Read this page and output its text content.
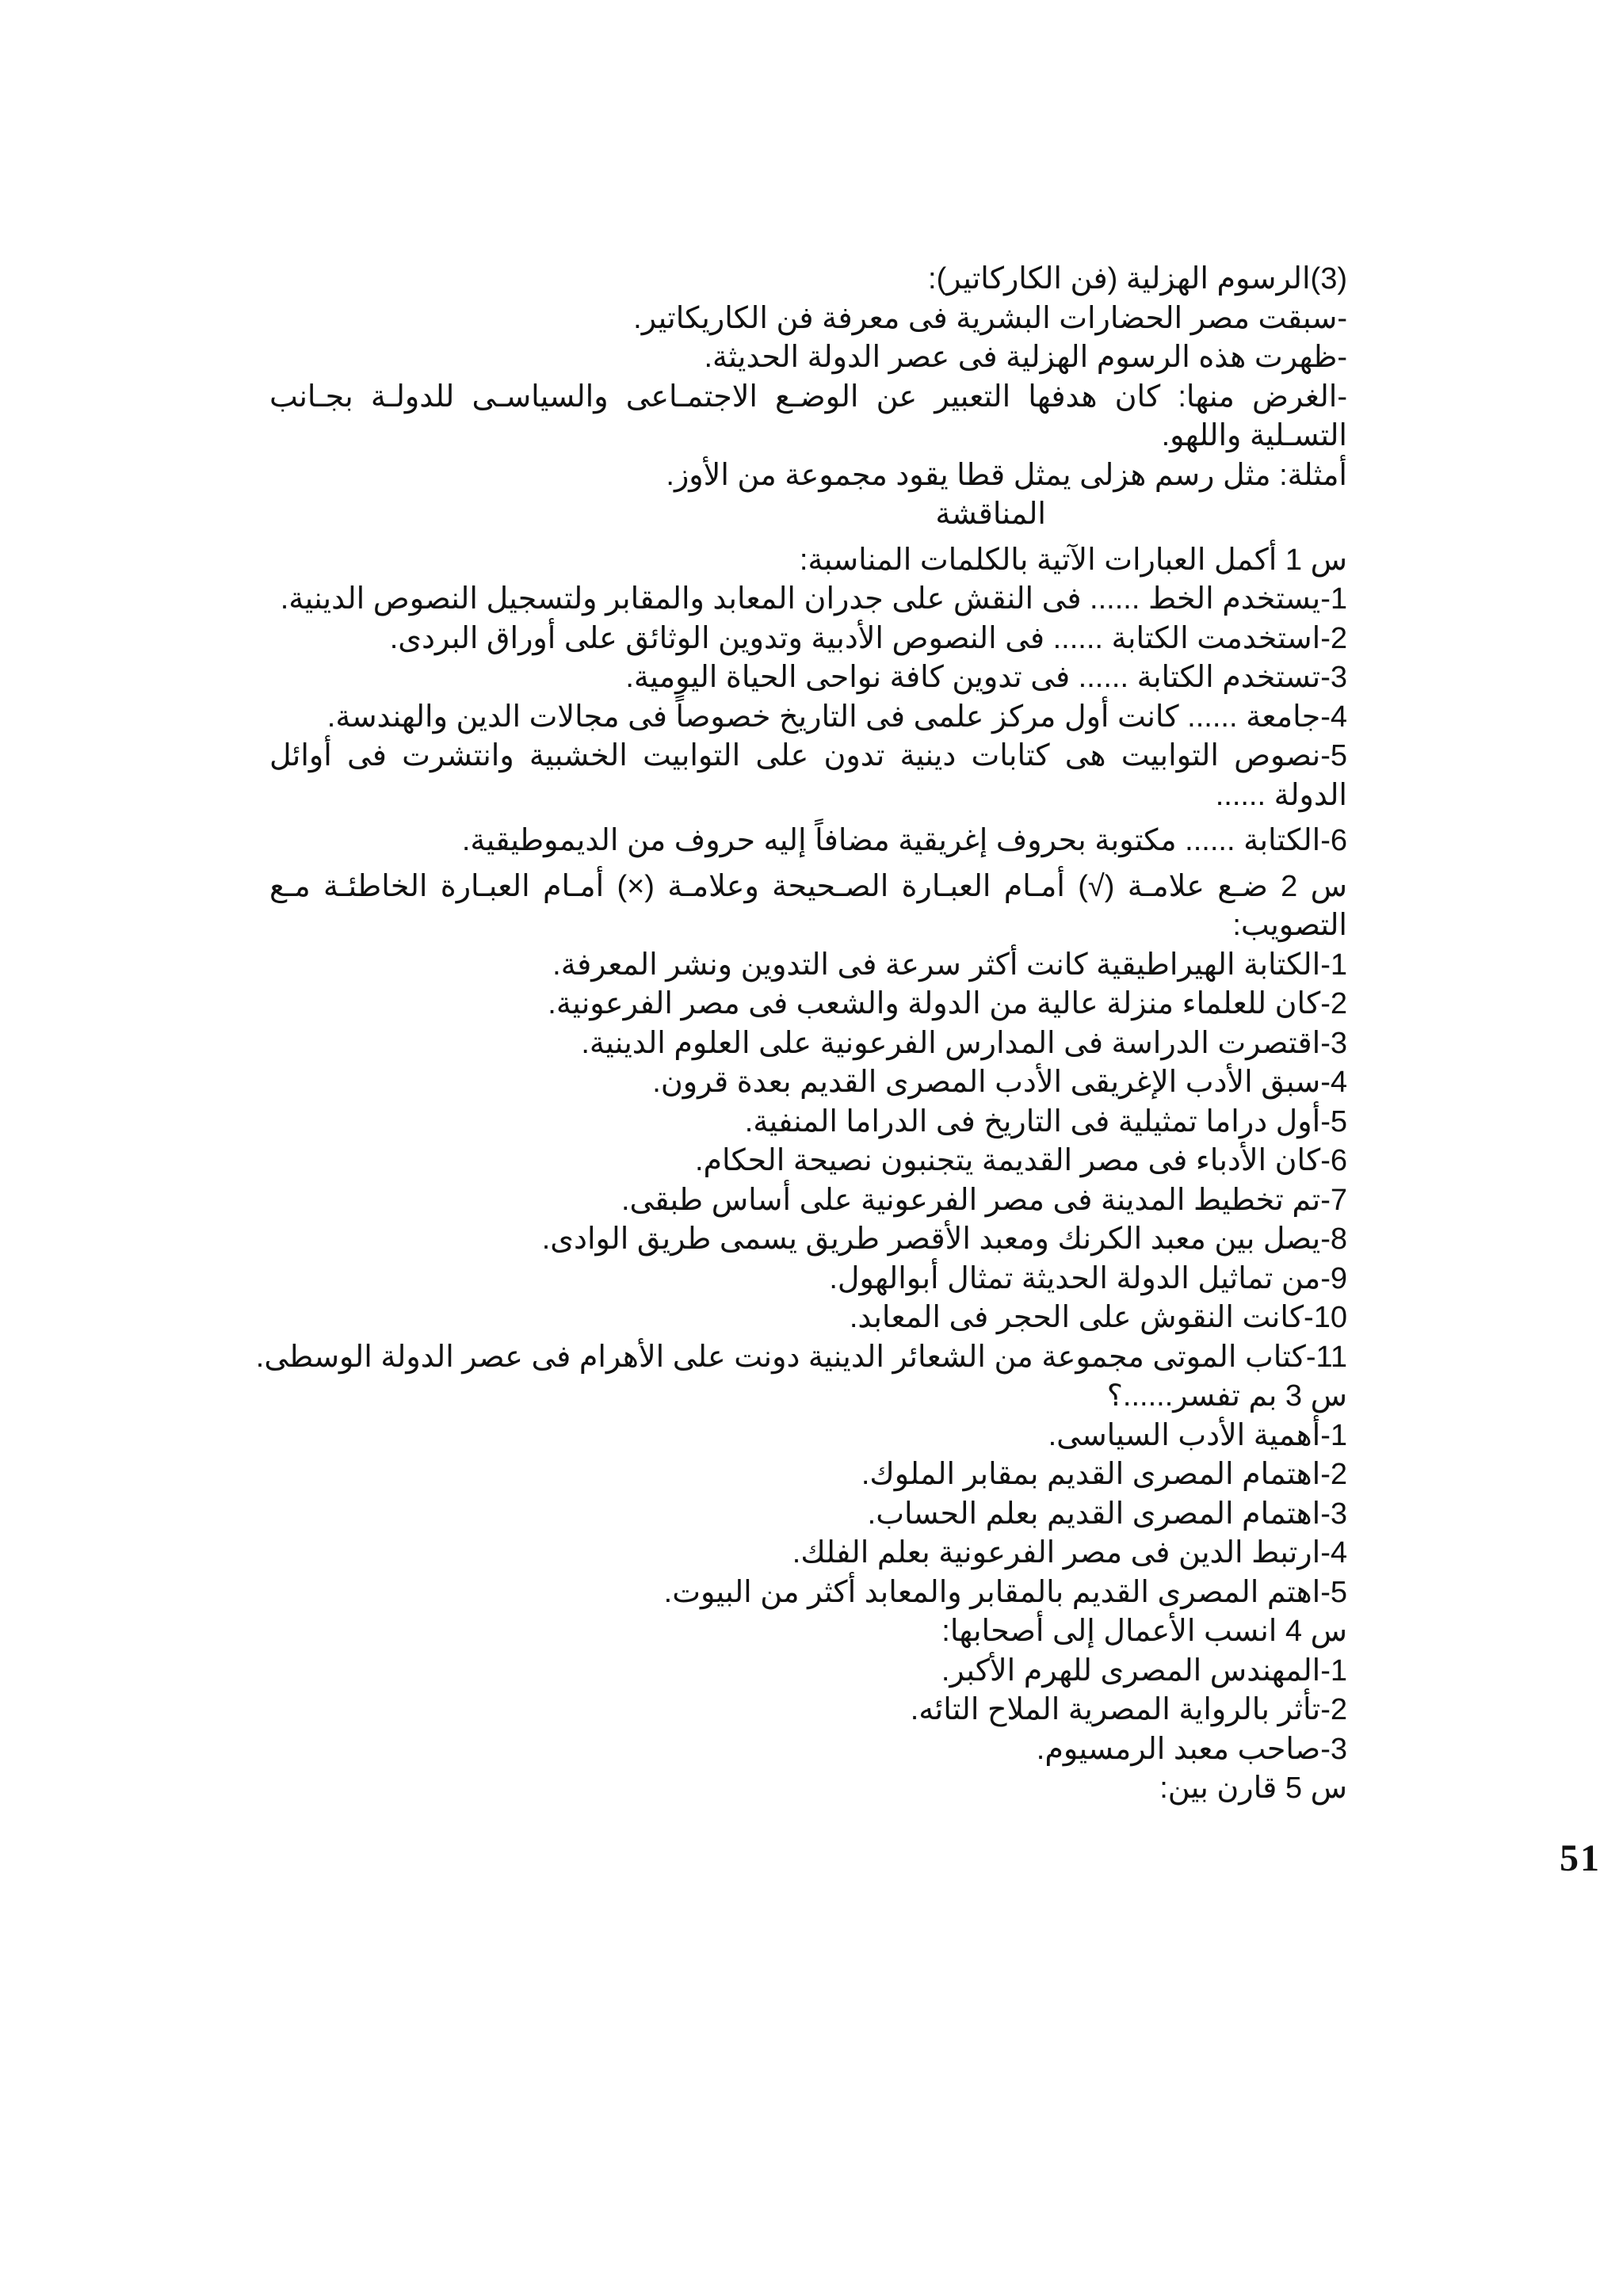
(3)الرسوم الهزلية (فن الكاركاتير):
-سبقت مصر الحضارات البشرية فى معرفة فن الكاريكاتير.
-ظهرت هذه الرسوم الهزلية فى عصر الدولة الحديثة.
-الغرض منها: كان هدفها التعبير عن الوضـع الاجتمـاعى والسياسـى للدولـة بجـانب التسـلية واللهو.
أمثلة: مثل رسم هزلى يمثل قطا يقود مجموعة من الأوز.
المناقشة
س 1 أكمل العبارات الآتية بالكلمات المناسبة:
1-يستخدم الخط ...... فى النقش على جدران المعابد والمقابر ولتسجيل النصوص الدينية.
2-استخدمت الكتابة ...... فى النصوص الأدبية وتدوين الوثائق على أوراق البردى.
3-تستخدم الكتابة ...... فى تدوين كافة نواحى الحياة اليومية.
4-جامعة ...... كانت أول مركز علمى فى التاريخ خصوصاً فى مجالات الدين والهندسة.
5-نصوص التوابيت هى كتابات دينية تدون على التوابيت الخشبية وانتشرت فى أوائل الدولة ......
6-الكتابة ...... مكتوبة بحروف إغريقية مضافاً إليه حروف من الديموطيقية.
س 2 ضـع علامـة (√) أمـام العبـارة الصـحيحة وعلامـة (×) أمـام العبـارة الخاطئـة مـع التصويب:
1-الكتابة الهيراطيقية كانت أكثر سرعة فى التدوين ونشر المعرفة.
2-كان للعلماء منزلة عالية من الدولة والشعب فى مصر الفرعونية.
3-اقتصرت الدراسة فى المدارس الفرعونية على العلوم الدينية.
4-سبق الأدب الإغريقى الأدب المصرى القديم بعدة قرون.
5-أول دراما تمثيلية فى التاريخ فى الدراما المنفية.
6-كان الأدباء فى مصر القديمة يتجنبون نصيحة الحكام.
7-تم تخطيط المدينة فى مصر الفرعونية على أساس طبقى.
8-يصل بين معبد الكرنك ومعبد الأقصر طريق يسمى طريق الوادى.
9-من تماثيل الدولة الحديثة تمثال أبوالهول.
10-كانت النقوش على الحجر فى المعابد.
11-كتاب الموتى مجموعة من الشعائر الدينية دونت على الأهرام فى عصر الدولة الوسطى.
س 3 بم تفسر......؟
1-أهمية الأدب السياسى.
2-اهتمام المصرى القديم بمقابر الملوك.
3-اهتمام المصرى القديم بعلم الحساب.
4-ارتبط الدين فى مصر الفرعونية بعلم الفلك.
5-اهتم المصرى القديم بالمقابر والمعابد أكثر من البيوت.
س 4 انسب الأعمال إلى أصحابها:
1-المهندس المصرى للهرم الأكبر.
2-تأثر بالرواية المصرية الملاح التائه.
3-صاحب معبد الرمسيوم.
س 5 قارن بين:
51
